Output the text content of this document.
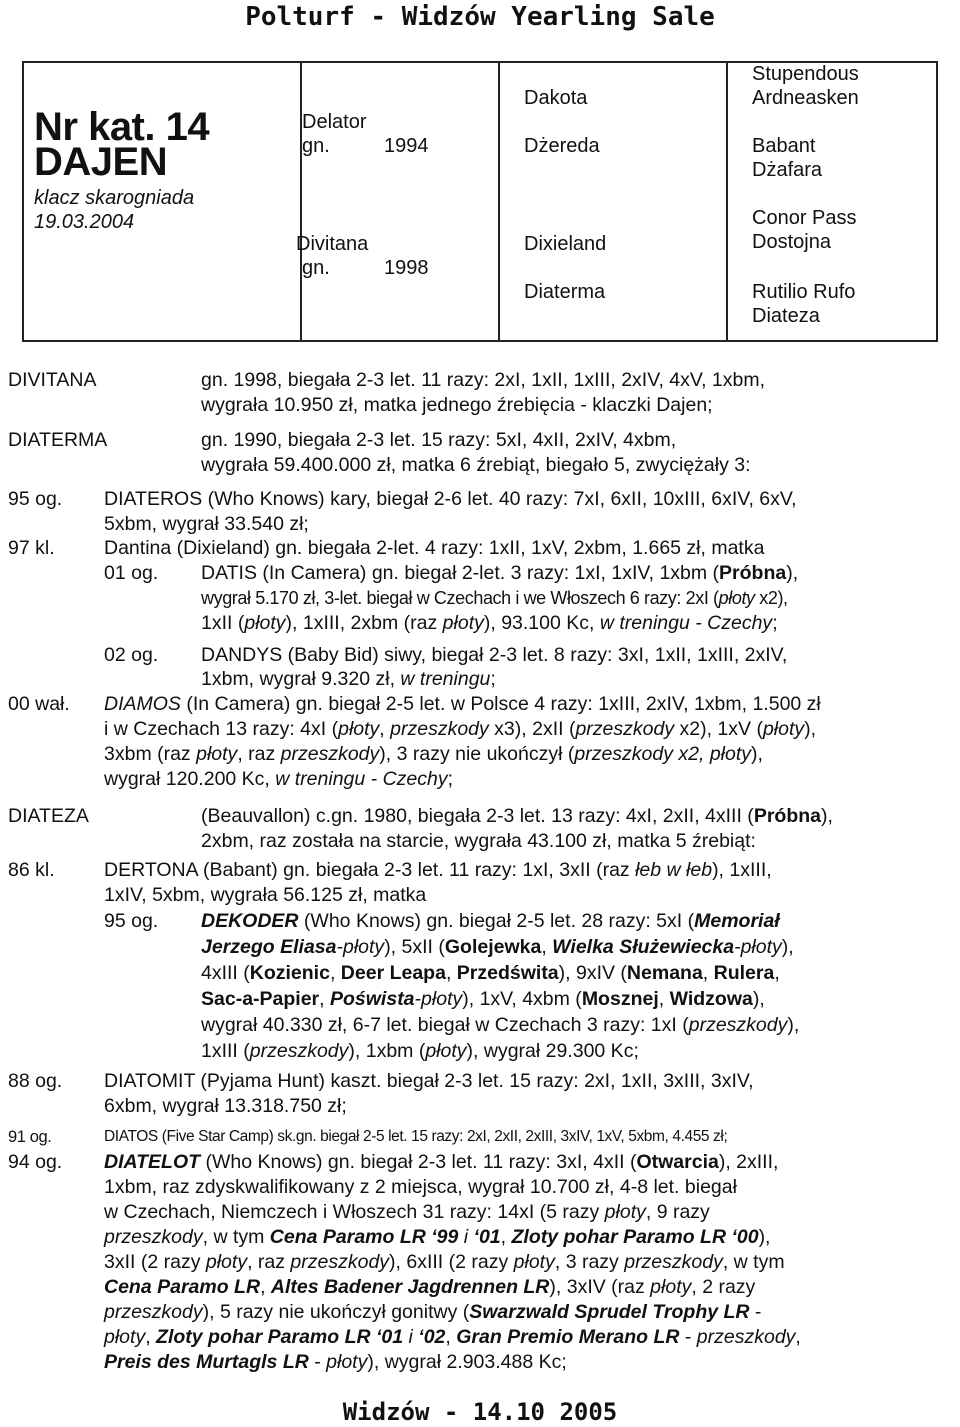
Polturf - Widzów Yearling Sale
Nr kat. 14
DAJEN
klacz skarogniada
19.03.2004
Delator
gn.	1994
Divitana
gn.	1998
Dakota
Dżereda
Dixieland
Diaterma
Stupendous
Ardneasken
Babant
Dżafara
Conor Pass
Dostojna
Rutilio Rufo
Diateza
DIVITANA
DIATERMA
95 og.
97 kl.
01 og.
02 og.
00 wał.
DIATEZA
86 kl.
95 og.
88 og.
91 og.
94 og.
gn. 1998, biegała 2-3 let. 11 razy: 2xI, 1xII, 1xIII, 2xIV, 4xV, 1xbm,
wygrała 10.950 zł, matka jednego źrebięcia - klaczki Dajen;
gn. 1990, biegała 2-3 let. 15 razy: 5xI, 4xII, 2xIV, 4xbm,
wygrała 59.400.000 zł, matka 6 źrebiąt, biegało 5, zwyciężały 3:
DIATEROS (Who Knows) kary, biegał 2-6 let. 40 razy: 7xI, 6xII, 10xIII, 6xIV, 6xV,
5xbm, wygrał 33.540 zł;
Dantina (Dixieland) gn. biegała 2-let. 4 razy: 1xII, 1xV, 2xbm, 1.665 zł, matka
DATIS (In Camera) gn. biegał 2-let. 3 razy: 1xI, 1xIV, 1xbm (Próbna),
wygrał 5.170 zł, 3-let. biegał w Czechach i we Włoszech 6 razy: 2xI (płoty x2),
1xII (płoty), 1xIII, 2xbm (raz płoty), 93.100 Kc, w treningu - Czechy;
DANDYS (Baby Bid) siwy, biegał 2-3 let. 8 razy: 3xI, 1xII, 1xIII, 2xIV,
1xbm, wygrał 9.320 zł, w treningu;
DIAMOS (In Camera) gn. biegał 2-5 let. w Polsce 4 razy: 1xIII, 2xIV, 1xbm, 1.500 zł
i w Czechach 13 razy: 4xI (płoty, przeszkody x3), 2xII (przeszkody x2), 1xV (płoty),
3xbm (raz płoty, raz przeszkody), 3 razy nie ukończył (przeszkody x2, płoty),
wygrał 120.200 Kc, w treningu - Czechy;
(Beauvallon) c.gn. 1980, biegała 2-3 let. 13 razy: 4xI, 2xII, 4xIII (Próbna),
2xbm, raz została na starcie, wygrała 43.100 zł, matka 5 źrebiąt:
DERTONA (Babant) gn. biegała 2-3 let. 11 razy: 1xI, 3xII (raz łeb w łeb), 1xIII,
1xIV, 5xbm, wygrała 56.125 zł, matka
DEKODER (Who Knows) gn. biegał 2-5 let. 28 razy: 5xI (Memoriał
Jerzego Eliasa-płoty), 5xII (Golejewka, Wielka Służewiecka-płoty),
4xIII (Kozienic, Deer Leapa, Przedświta), 9xIV (Nemana, Rulera,
Sac-a-Papier, Pośwista-płoty), 1xV, 4xbm (Mosznej, Widzowa),
wygrał 40.330 zł, 6-7 let. biegał w Czechach 3 razy: 1xI (przeszkody),
1xIII (przeszkody), 1xbm (płoty), wygrał 29.300 Kc;
DIATOMIT (Pyjama Hunt) kaszt. biegał 2-3 let. 15 razy: 2xI, 1xII, 3xIII, 3xIV,
6xbm, wygrał 13.318.750 zł;
DIATOS (Five Star Camp) sk.gn. biegał 2-5 let. 15 razy: 2xI, 2xII, 2xIII, 3xIV, 1xV, 5xbm, 4.455 zł;
DIATELOT (Who Knows) gn. biegał 2-3 let. 11 razy: 3xI, 4xII (Otwarcia), 2xIII,
1xbm, raz zdyskwalifikowany z 2 miejsca, wygrał 10.700 zł, 4-8 let. biegał
w Czechach, Niemczech i Włoszech 31 razy: 14xI (5 razy płoty, 9 razy
przeszkody, w tym Cena Paramo LR ‘99 i ‘01, Zloty pohar Paramo LR ‘00),
3xII (2 razy płoty, raz przeszkody), 6xIII (2 razy płoty, 3 razy przeszkody, w tym
Cena Paramo LR, Altes Badener Jagdrennen LR), 3xIV (raz płoty, 2 razy
przeszkody), 5 razy nie ukończył gonitwy (Swarzwald Sprudel Trophy LR -
płoty, Zloty pohar Paramo LR ‘01 i ‘02, Gran Premio Merano LR - przeszkody,
Preis des Murtagls LR - płoty), wygrał 2.903.488 Kc;
Widzów - 14.10 2005
